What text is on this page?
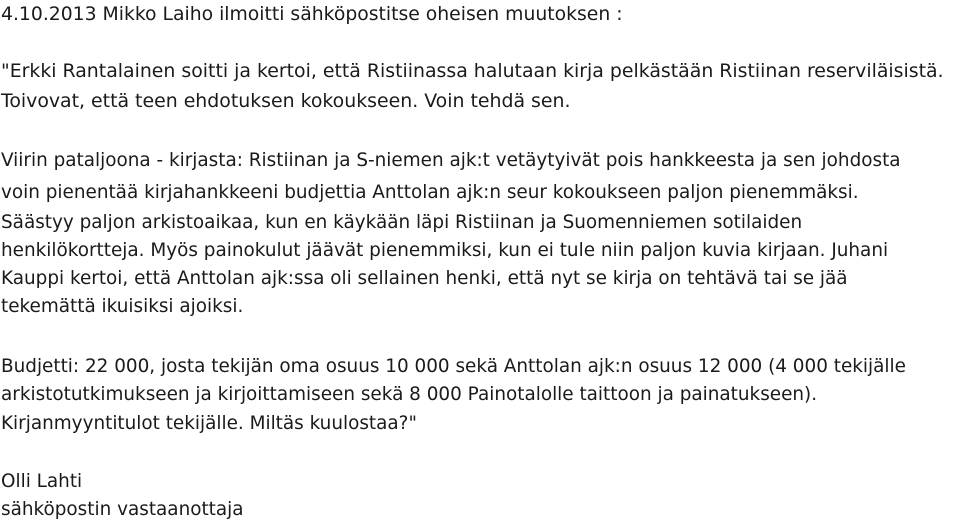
4.10.2013 Mikko Laiho ilmoitti sähköpostitse oheisen muutoksen :
"Erkki Rantalainen soitti ja kertoi, että Ristiinassa halutaan kirja pelkästään Ristiinan reserviläisistä.
Toivovat, että teen ehdotuksen kokoukseen. Voin tehdä sen.
Viirin pataljoona - kirjasta: Ristiinan ja S-niemen ajk:t vetäytyivät pois hankkeesta ja sen johdosta
voin pienentää kirjahankkeeni budjettia Anttolan ajk:n seur kokoukseen paljon pienemmäksi.
Säästyy paljon arkistoaikaa, kun en käykään läpi Ristiinan ja Suomenniemen sotilaiden
henkilökortteja. Myös painokulut jäävät pienemmiksi, kun ei tule niin paljon kuvia kirjaan. Juhani
Kauppi kertoi, että Anttolan ajk:ssa oli sellainen henki, että nyt se kirja on tehtävä tai se jää
tekemättä ikuisiksi ajoiksi.
Budjetti: 22 000, josta tekijän oma osuus 10 000 sekä Anttolan ajk:n osuus 12 000 (4 000 tekijälle
arkistotutkimukseen ja kirjoittamiseen sekä 8 000 Painotalolle taittoon ja painatukseen).
Kirjanmyyntitulot tekijälle. Miltäs kuulostaa?"
Olli Lahti
sähköpostin vastaanottaja
